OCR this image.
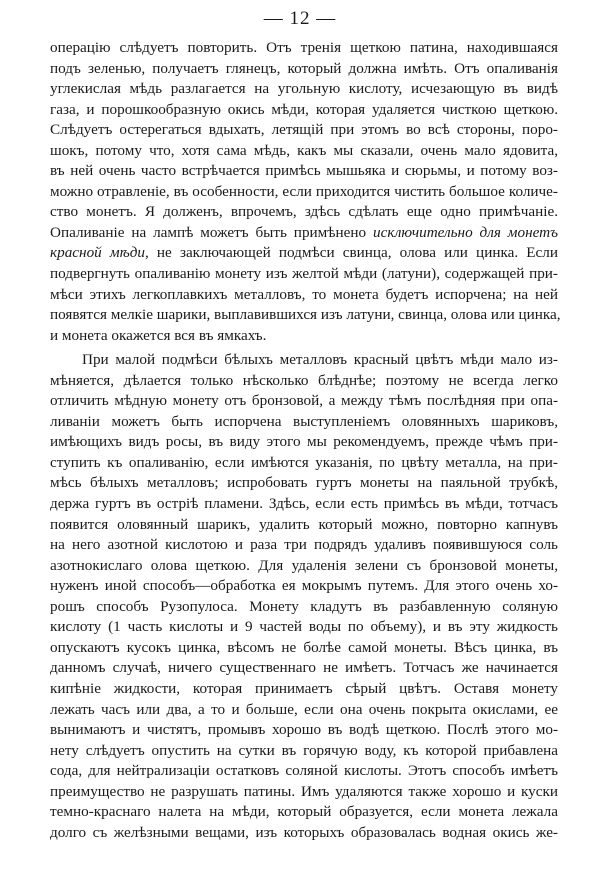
— 12 —
операцію слѣдуетъ повторить. Отъ тренія щеткою патина, находившаяся
подъ зеленью, получаетъ глянецъ, который должна имѣть. Отъ опаливанія
углекислая мѣдь разлагается на угольную кислоту, исчезающую въ видѣ
газа, и порошкообразную окись мѣди, которая удаляется чисткою щеткою.
Слѣдуетъ остерегаться вдыхать, летящій при этомъ во всѣ стороны, поро-
шокъ, потому что, хотя сама мѣдь, какъ мы сказали, очень мало ядовита,
въ ней очень часто встрѣчается примѣсь мышьяка и сюрьмы, и потому воз-
можно отравленіе, въ особенности, если приходится чистить большое количе-
ство монетъ. Я долженъ, впрочемъ, здѣсь сдѣлать еще одно примѣчаніе.
Опаливаніе на лампѣ можетъ быть примѣнено исключительно для монетъ
красной мѣди, не заключающей подмѣси свинца, олова или цинка. Если
подвергнуть опаливанію монету изъ желтой мѣди (латуни), содержащей при-
мѣси этихъ легкоплавкихъ металловъ, то монета будетъ испорчена; на ней
появятся мелкіе шарики, выплавившихся изъ латуни, свинца, олова или цинка,
и монета окажется вся въ ямкахъ.
При малой подмѣси бѣлыхъ металловъ красный цвѣтъ мѣди мало из-
мѣняется, дѣлается только нѣсколько блѣднѣе; поэтому не всегда легко
отличить мѣдную монету отъ бронзовой, а между тѣмъ послѣдняя при опа-
ливаніи можетъ быть испорчена выступленіемъ оловянныхъ шариковъ,
имѣющихъ видъ росы, въ виду этого мы рекомендуемъ, прежде чѣмъ при-
ступить къ опаливанію, если имѣются указанія, по цвѣту металла, на при-
мѣсь бѣлыхъ металловъ; испробовать гуртъ монеты на паяльной трубкѣ,
держа гуртъ въ острiѣ пламени. Здѣсь, если есть примѣсь въ мѣди, тотчасъ
появится оловянный шарикъ, удалить который можно, повторно капнувъ
на него азотной кислотою и раза три подрядъ удаливъ появившуюся соль
азотнокислаго олова щеткою. Для удаленія зелени съ бронзовой монеты,
нуженъ иной способъ—обработка ея мокрымъ путемъ. Для этого очень хо-
рошъ способъ Рузопулоса. Монету кладутъ въ разбавленную соляную
кислоту (1 часть кислоты и 9 частей воды по объему), и въ эту жидкость
опускаютъ кусокъ цинка, вѣсомъ не болѣе самой монеты. Вѣсъ цинка, въ
данномъ случаѣ, ничего существеннаго не имѣетъ. Тотчасъ же начинается
кипѣніе жидкости, которая принимаетъ сѣрый цвѣтъ. Оставя монету
лежать часъ или два, а то и больше, если она очень покрыта окислами, ее
вынимаютъ и чистятъ, промывъ хорошо въ водѣ щеткою. Послѣ этого мо-
нету слѣдуетъ опустить на сутки въ горячую воду, къ которой прибавлена
сода, для нейтрализаціи остатковъ соляной кислоты. Этотъ способъ имѣетъ
преимущество не разрушать патины. Имъ удаляются также хорошо и куски
темно-краснаго налета на мѣди, который образуется, если монета лежала
долго съ желѣзными вещами, изъ которыхъ образовалась водная окись же-
